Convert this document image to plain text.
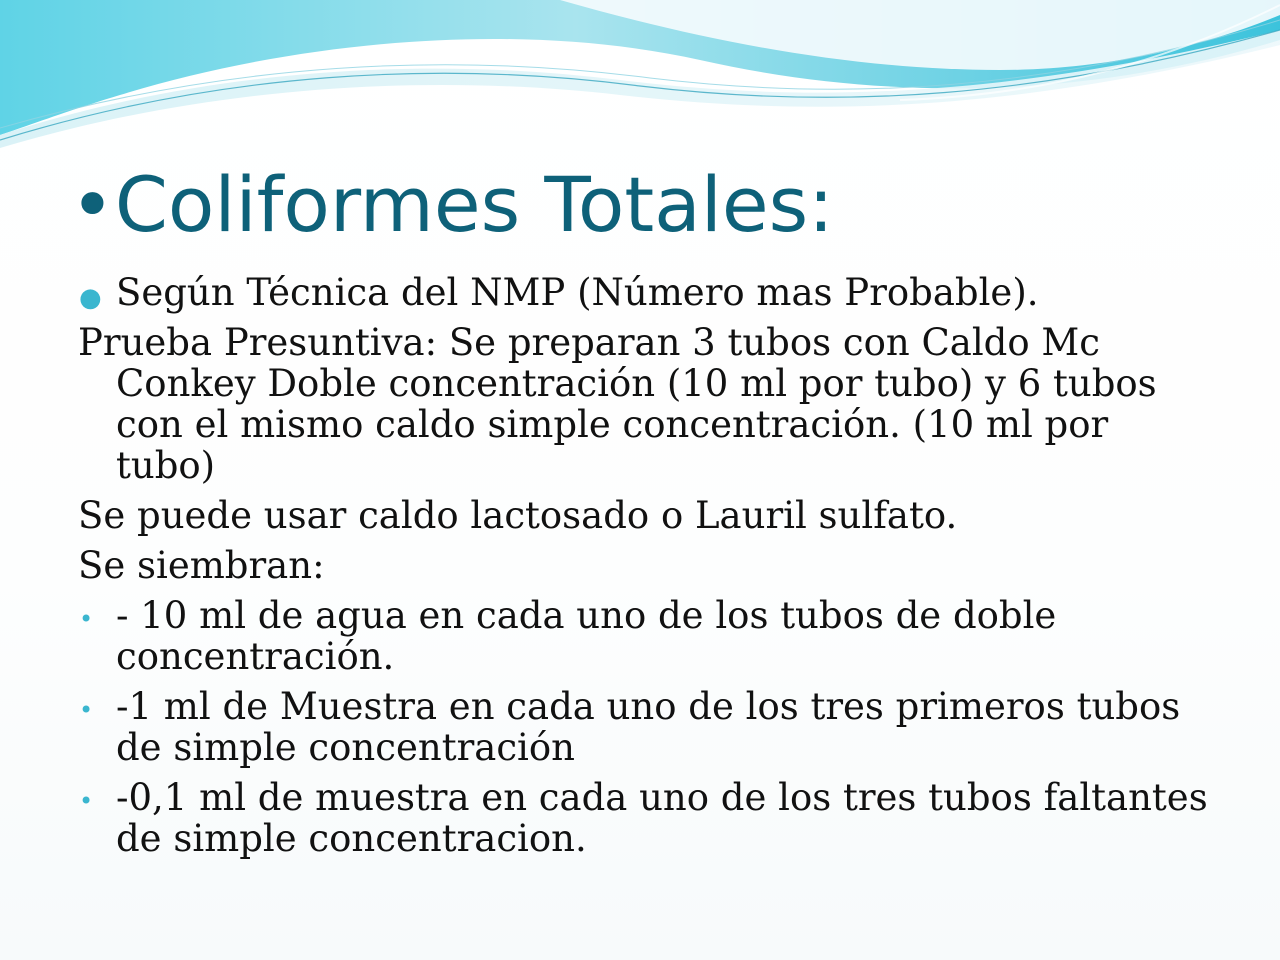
•Coliformes Totales:

● Según Técnica del NMP (Número mas Probable).

Prueba Presuntiva: Se preparan 3 tubos con Caldo Mc Conkey Doble concentración (10 ml por tubo) y 6 tubos con el mismo caldo simple concentración. (10 ml por tubo)

Se puede usar caldo lactosado o Lauril sulfato.

Se siembran:

• - 10 ml de agua en cada uno de los tubos de doble concentración.

• -1 ml de Muestra en cada uno de los tres primeros tubos de simple concentración

• -0,1 ml de muestra en cada uno de los tres tubos faltantes de simple concentracion.
